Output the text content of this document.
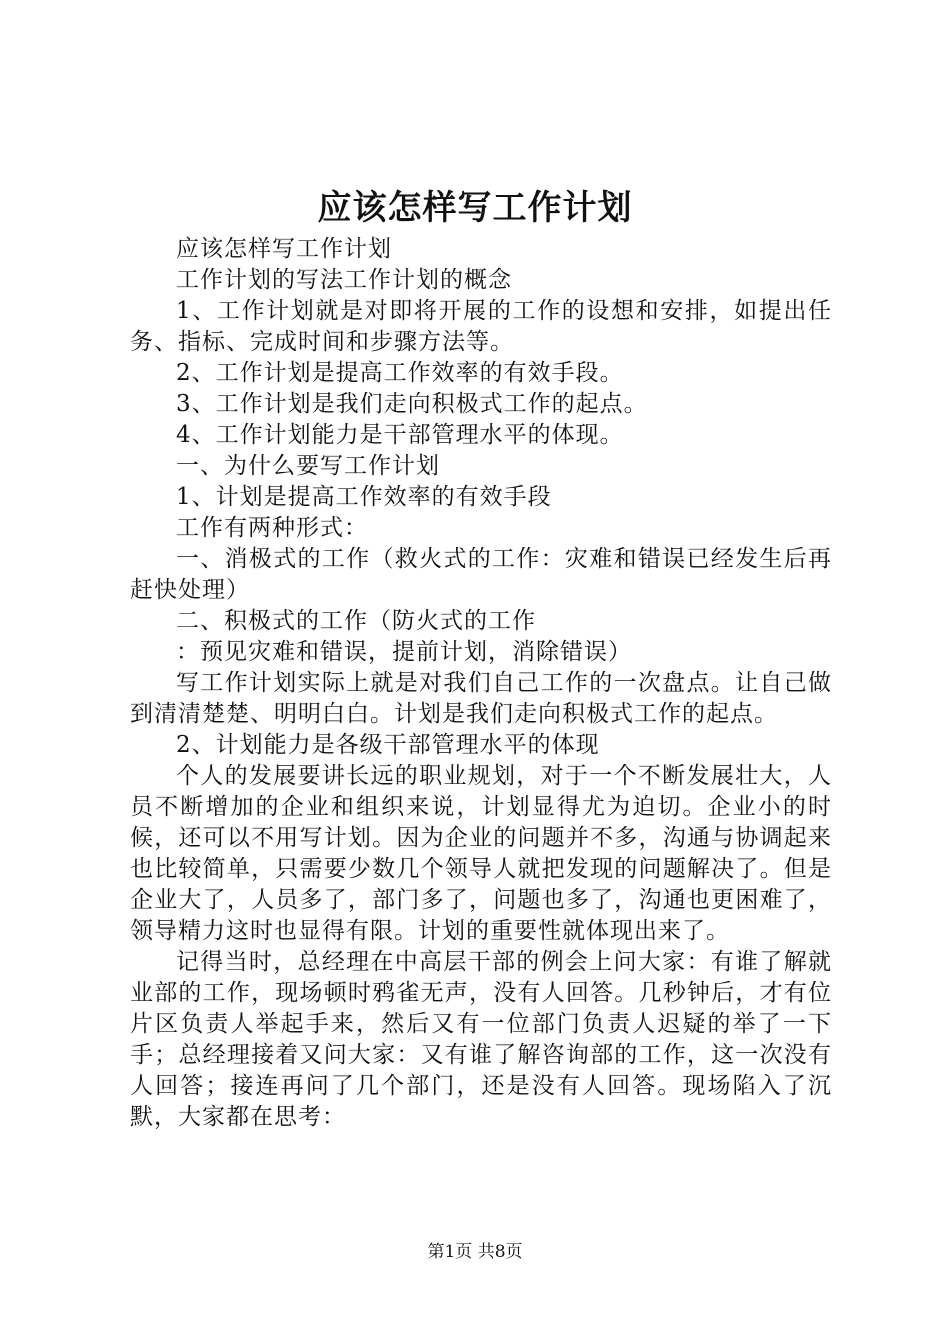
应该怎样写工作计划

应该怎样写工作计划

工作计划的写法工作计划的概念

1、工作计划就是对即将开展的工作的设想和安排，如提出任务、指标、完成时间和步骤方法等。

2、工作计划是提高工作效率的有效手段。

3、工作计划是我们走向积极式工作的起点。

4、工作计划能力是干部管理水平的体现。

一、为什么要写工作计划

1、计划是提高工作效率的有效手段

工作有两种形式：

一、消极式的工作（救火式的工作：灾难和错误已经发生后再赶快处理）

二、积极式的工作（防火式的工作

：预见灾难和错误，提前计划，消除错误）

写工作计划实际上就是对我们自己工作的一次盘点。让自己做到清清楚楚、明明白白。计划是我们走向积极式工作的起点。

2、计划能力是各级干部管理水平的体现

个人的发展要讲长远的职业规划，对于一个不断发展壮大，人员不断增加的企业和组织来说，计划显得尤为迫切。企业小的时候，还可以不用写计划。因为企业的问题并不多，沟通与协调起来也比较简单，只需要少数几个领导人就把发现的问题解决了。但是企业大了，人员多了，部门多了，问题也多了，沟通也更困难了，领导精力这时也显得有限。计划的重要性就体现出来了。

记得当时，总经理在中高层干部的例会上问大家：有谁了解就业部的工作，现场顿时鸦雀无声，没有人回答。几秒钟后，才有位片区负责人举起手来，然后又有一位部门负责人迟疑的举了一下手；总经理接着又问大家：又有谁了解咨询部的工作，这一次没有人回答；接连再问了几个部门，还是没有人回答。现场陷入了沉默，大家都在思考：

第1页 共8页
